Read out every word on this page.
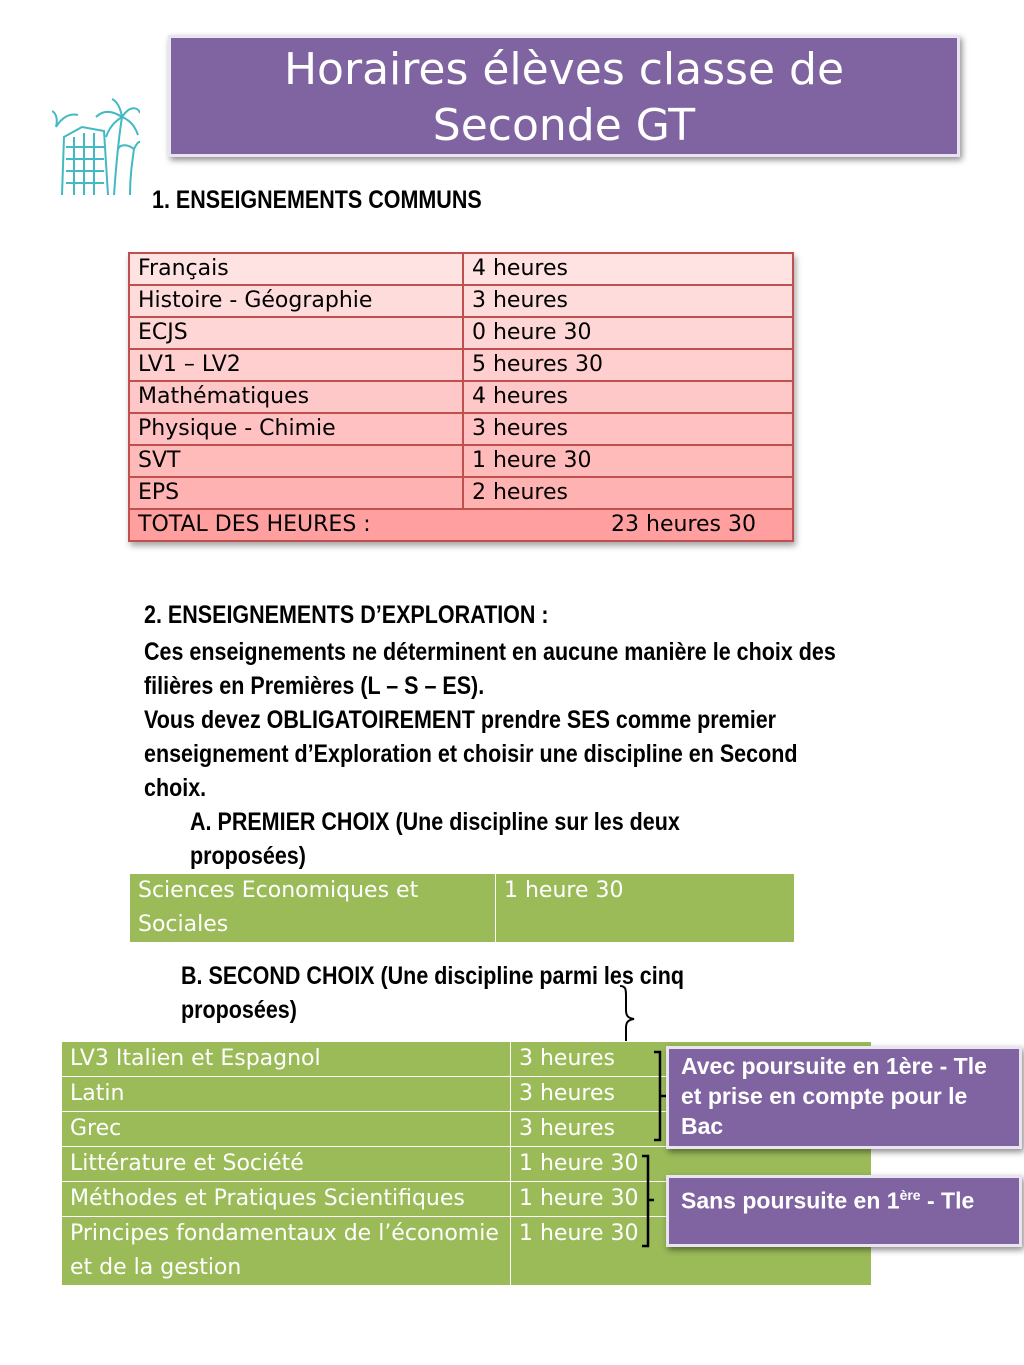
Horaires élèves classe de
Seconde GT
1. ENSEIGNEMENTS COMMUNS
Français	4 heures
Histoire - Géographie	3 heures
ECJS	0 heure 30
LV1 – LV2	5 heures 30
Mathématiques	4 heures
Physique - Chimie	3 heures
SVT	1 heure 30
EPS	2 heures
TOTAL DES HEURES : 23 heures 30	
2. ENSEIGNEMENTS D’EXPLORATION :
Ces enseignements ne déterminent en aucune manière le choix des
filières en Premières (L – S – ES).
Vous devez OBLIGATOIREMENT prendre SES comme premier
enseignement d’Exploration et choisir une discipline en Second
choix.
A. PREMIER CHOIX (Une discipline sur les deux
proposées)
Sciences Economiques et Sociales	1 heure 30
B. SECOND CHOIX (Une discipline parmi les cinq
proposées)
LV3 Italien et Espagnol	3 heures
Latin	3 heures
Grec	3 heures
Littérature et Société	1 heure 30
Méthodes et Pratiques Scientifiques	1 heure 30
Principes fondamentaux de l’économie et de la gestion	1 heure 30
Avec poursuite en 1ère - Tle et prise en compte pour le Bac
Sans poursuite en 1ère - Tle
